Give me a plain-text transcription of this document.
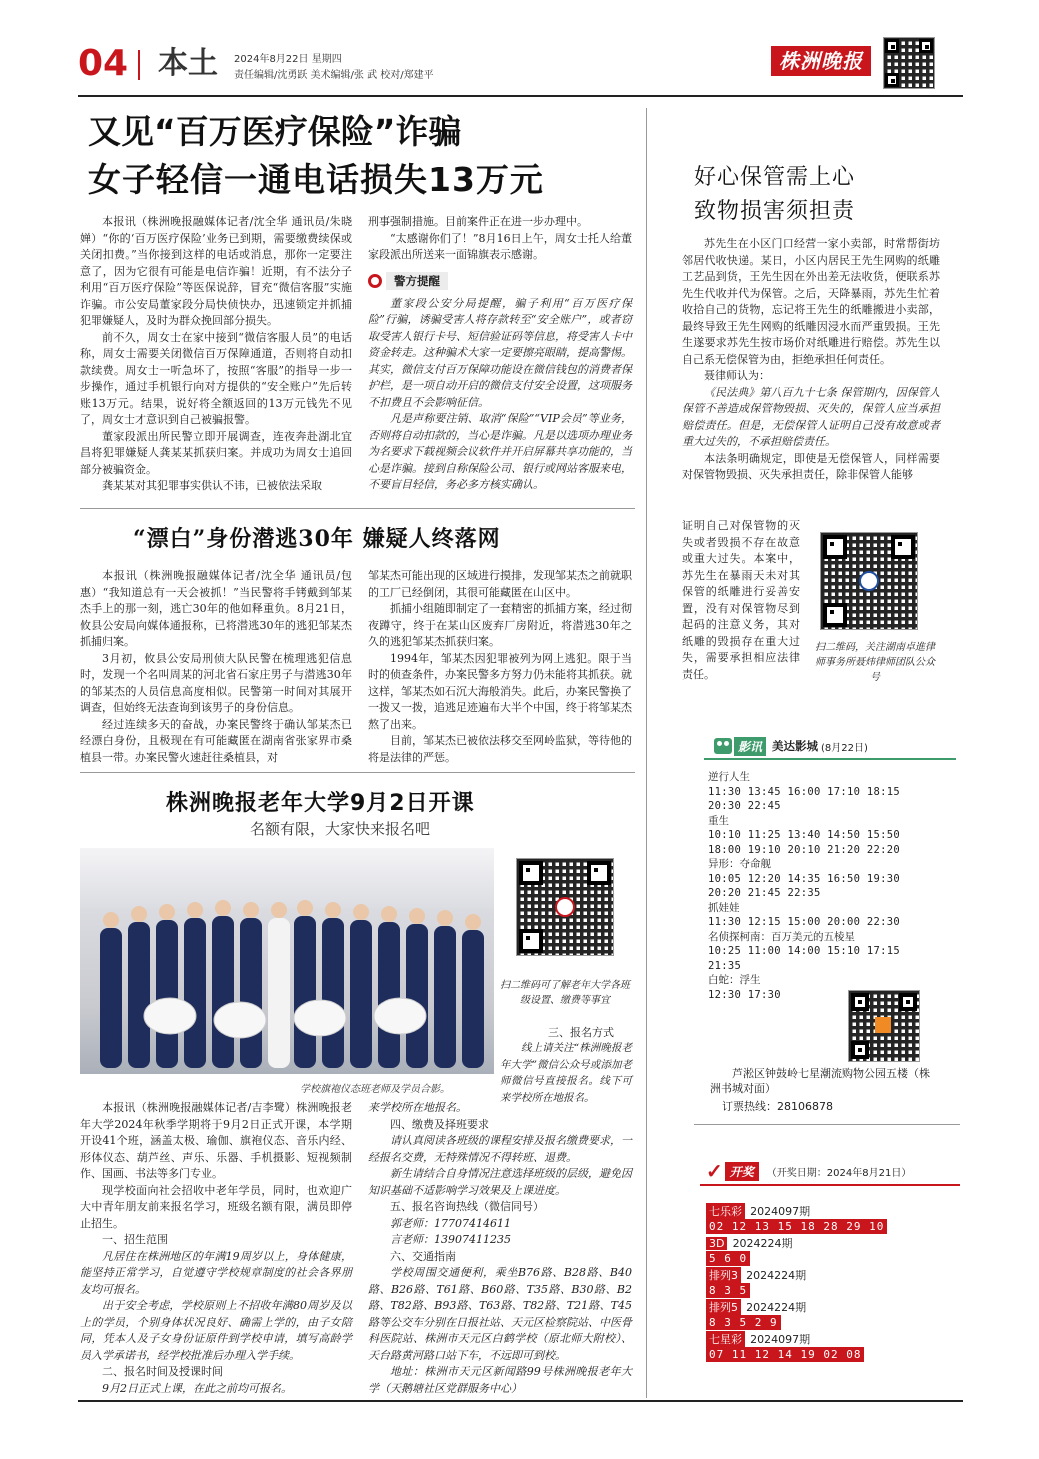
04 本土 2024年8月22日 星期四
责任编辑/沈勇跃 美术编辑/张 武 校对/郑建平
株洲晚报
又见“百万医疗保险”诈骗
女子轻信一通电话损失13万元

本报讯（株洲晚报融媒体记者/沈全华 通讯员/朱晓婵）“你的‘百万医疗保险’业务已到期，需要缴费续保或关闭扣费。”当你接到这样的电话或消息，那你一定要注意了，因为它很有可能是电信诈骗！近期，有不法分子利用“百万医疗保险”等医保说辞，冒充“微信客服”实施诈骗。市公安局董家段分局快侦快办，迅速锁定并抓捕犯罪嫌疑人，及时为群众挽回部分损失。

前不久，周女士在家中接到“微信客服人员”的电话称，周女士需要关闭微信百万保障通道，否则将自动扣款续费。周女士一听急坏了，按照“客服”的指导一步一步操作，通过手机银行向对方提供的“安全账户”先后转账13万元。结果，说好将全额返回的13万元钱先不见了，周女士才意识到自己被骗报警。

董家段派出所民警立即开展调查，连夜奔赴湖北宜昌将犯罪嫌疑人龚某某抓获归案。并成功为周女士追回部分被骗资金。

龚某某对其犯罪事实供认不讳，已被依法采取

刑事强制措施。目前案件正在进一步办理中。

“太感谢你们了！”8月16日上午，周女士托人给董家段派出所送来一面锦旗表示感谢。

警方提醒

董家段公安分局提醒，骗子利用“百万医疗保险”行骗，诱骗受害人将存款转至“安全账户”，或者窃取受害人银行卡号、短信验证码等信息，将受害人卡中资金转走。这种骗术大家一定要擦亮眼睛，提高警惕。其实，微信支付百万保障功能设在微信钱包的消费者保护栏，是一项自动开启的微信支付安全设置，这项服务不扣费且不会影响征信。

凡是声称要注销、取消“保险”“VIP会员”等业务，否则将自动扣款的，当心是诈骗。凡是以选项办理业务为名要求下载视频会议软件并开启屏幕共享功能的，当心是诈骗。接到自称保险公司、银行或网站客服来电，不要盲目轻信，务必多方核实确认。

“漂白”身份潜逃30年 嫌疑人终落网

本报讯（株洲晚报融媒体记者/沈全华 通讯员/包惠）“我知道总有一天会被抓！”当民警将手铐戴到邹某杰手上的那一刻，逃亡30年的他如释重负。8月21日，攸县公安局向媒体通报称，已将潜逃30年的逃犯邹某杰抓捕归案。

3月初，攸县公安局刑侦大队民警在梳理逃犯信息时，发现一个名叫周某的河北省石家庄男子与潜逃30年的邹某杰的人员信息高度相似。民警第一时间对其展开调查，但始终无法查询到该男子的身份信息。

经过连续多天的奋战，办案民警终于确认邹某杰已经漂白身份，且极现在有可能藏匿在湖南省张家界市桑植县一带。办案民警火速赶往桑植县，对

邹某杰可能出现的区域进行摸排，发现邹某杰之前就职的工厂已经倒闭，其很可能藏匿在山区中。

抓捕小组随即制定了一套精密的抓捕方案，经过彻夜蹲守，终于在某山区废弃厂房附近，将潜逃30年之久的逃犯邹某杰抓获归案。

1994年，邹某杰因犯罪被列为网上逃犯。限于当时的侦查条件，办案民警多方努力仍未能将其抓获。就这样，邹某杰如石沉大海般消失。此后，办案民警换了一拨又一拨，追逃足迹遍布大半个中国，终于将邹某杰熬了出来。

目前，邹某杰已被依法移交至网岭监狱，等待他的将是法律的严惩。

株洲晚报老年大学9月2日开课
名额有限，大家快来报名吧
学校旗袍仪态班老师及学员合影。
扫二维码可了解老年大学各班级设置、缴费等事宜
三、报名方式

线上请关注“株洲晚报老年大学”微信公众号或添加老师微信号直接报名。线下可来学校所在地报名。

本报讯（株洲晚报融媒体记者/吉李鹭）株洲晚报老年大学2024年秋季学期将于9月2日正式开课，本学期开设41个班，涵盖太极、瑜伽、旗袍仪态、音乐内经、形体仪态、葫芦丝、声乐、乐器、手机摄影、短视频制作、国画、书法等多门专业。

现学校面向社会招收中老年学员，同时，也欢迎广大中青年朋友前来报名学习，班级名额有限，满员即停止招生。

一、招生范围

凡居住在株洲地区的年满19周岁以上，身体健康，能坚持正常学习，自觉遵守学校规章制度的社会各界朋友均可报名。

出于安全考虑，学校原则上不招收年满80周岁及以上的学员，个别身体状况良好、确需上学的，由子女陪同，凭本人及子女身份证原件到学校申请，填写高龄学员入学承诺书，经学校批准后办理入学手续。

二、报名时间及授课时间

9月2日正式上课，在此之前均可报名。

来学校所在地报名。

四、缴费及择班要求

请认真阅读各班级的课程安排及报名缴费要求，一经报名交费，无特殊情况不得转班、退费。

新生请结合自身情况注意选择班级的层级，避免因知识基础不适影响学习效果及上课进度。

五、报名咨询热线（微信同号）

郭老师：17707414611

言老师：13907411235

六、交通指南

学校周围交通便利，乘坐B76路、B28路、B40路、B26路、T61路、B60路、T35路、B30路、B2路、T82路、B93路、T63路、T82路、T21路、T45路等公交车分别在日报社站、天元区检察院站、中医骨科医院站、株洲市天元区白鹤学校（原北师大附校）、天台路黄河路口站下车，不远即可到校。

地址：株洲市天元区新闻路99号株洲晚报老年大学（天鹅塘社区党群服务中心）

好心保管需上心
致物损害须担责

苏先生在小区门口经营一家小卖部，时常帮街坊邻居代收快递。某日，小区内居民王先生网购的纸雕工艺品到货，王先生因在外出差无法收货，便联系苏先生代收并代为保管。之后，天降暴雨，苏先生忙着收拾自己的货物，忘记将王先生的纸雕搬进小卖部，最终导致王先生网购的纸雕因浸水而严重毁损。王先生遂要求苏先生按市场价对纸雕进行赔偿。苏先生以自己系无偿保管为由，拒绝承担任何责任。

聂律师认为：

《民法典》第八百九十七条 保管期内，因保管人保管不善造成保管物毁损、灭失的，保管人应当承担赔偿责任。但是，无偿保管人证明自己没有故意或者重大过失的，不承担赔偿责任。

本法条明确规定，即使是无偿保管人，同样需要对保管物毁损、灭失承担责任，除非保管人能够

证明自己对保管物的灭失或者毁损不存在故意或重大过失。本案中，苏先生在暴雨天未对其保管的纸雕进行妥善安置，没有对保管物尽到起码的注意义务，其对纸雕的毁损存在重大过失，需要承担相应法律责任。

扫二维码，关注湖南卓進律师事务所聂炜律师团队公众号
影讯 美达影城 (8月22日)
逆行人生
11:30 13:45 16:00 17:10 18:15
20:30 22:45
重生
10:10 11:25 13:40 14:50 15:50
18:00 19:10 20:10 21:20 22:20
异形：夺命舰
10:05 12:20 14:35 16:50 19:30
20:20 21:45 22:35
抓娃娃
11:30 12:15 15:00 20:00 22:30
名侦探柯南：百万美元的五棱星
10:25 11:00 14:00 15:10 17:15
21:35
白蛇：浮生
12:30 17:30
芦淞区钟鼓岭七星潮流购物公园五楼（株洲书城对面）
订票热线：28106878
✓ 开奖	（开奖日期：2024年8月21日）
七乐彩 2024097期
02 12 13 15 18 28 29 10
3D 2024224期
5 6 0
排列3 2024224期
8 3 5
排列5 2024224期
8 3 5 2 9
七星彩 2024097期
07 11 12 14 19 02 08
